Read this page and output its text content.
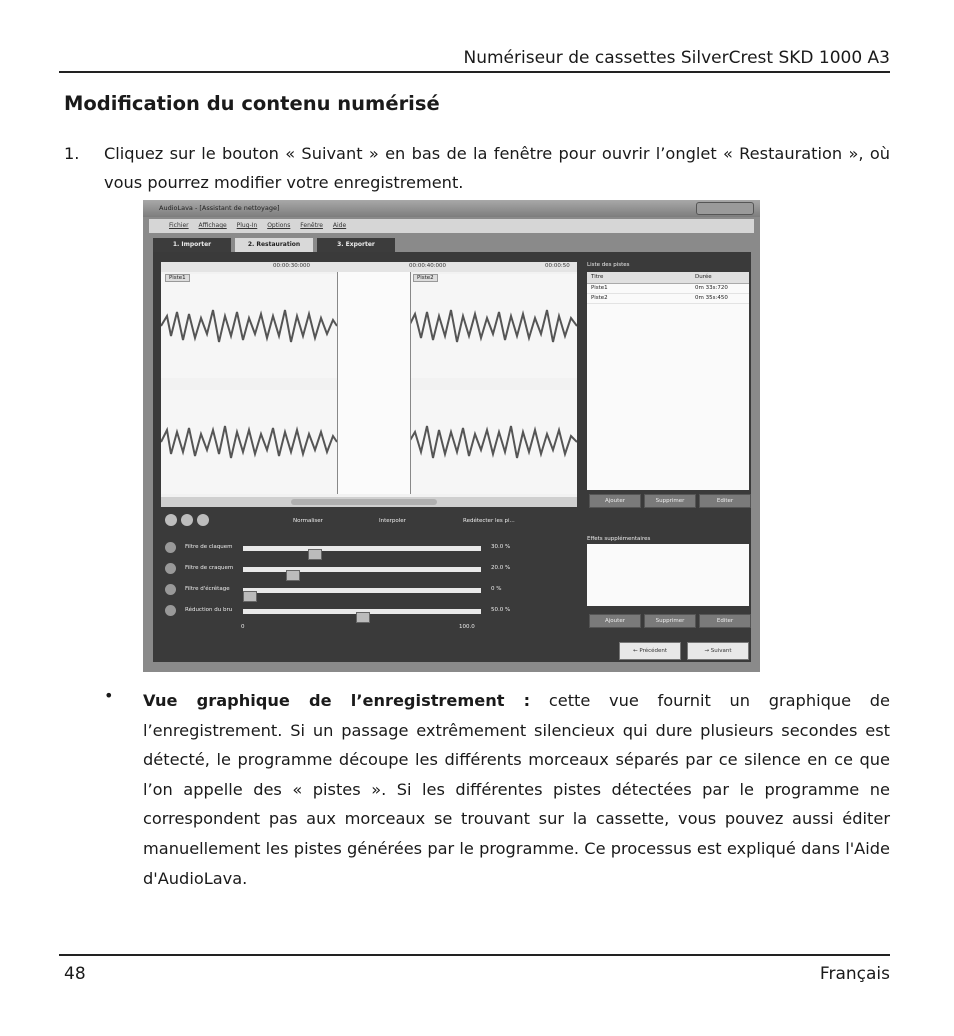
Numériseur de cassettes SilverCrest SKD 1000 A3
Modification du contenu numérisé
1. Cliquez sur le bouton « Suivant » en bas de la fenêtre pour ouvrir l’onglet « Restauration », où vous pourrez modifier votre enregistrement.
AudioLava - [Assistant de nettoyage]
Fichier Affichage Plug-In Options Fenêtre Aide
1. Importer	2. Restauration	3. Exporter
00:00:30:000	00:00:40:000	00:00:50
Piste1	Piste2
Liste des pistes
Titre	Durée
Piste1	0m 33s:720
Piste2	0m 35s:450
Ajouter	Supprimer	Editer
Normaliser	Interpoler	Redétecter les pi...
Filtre de claquem	30.0 %
Filtre de craquem	20.0 %
Filtre d'écrêtage	0 %
Réduction du bru	50.0 %
0	100.0
Effets supplémentaires
Ajouter	Supprimer	Editer
← Précédent	→ Suivant
• Vue graphique de l’enregistrement : cette vue fournit un graphique de l’enregistrement. Si un passage extrêmement silencieux qui dure plusieurs secondes est détecté, le programme découpe les différents morceaux séparés par ce silence en ce que l’on appelle des « pistes ». Si les différentes pistes détectées par le programme ne correspondent pas aux morceaux se trouvant sur la cassette, vous pouvez aussi éditer manuellement les pistes générées par le programme. Ce processus est expliqué dans l'Aide d'AudioLava.
48	Français
